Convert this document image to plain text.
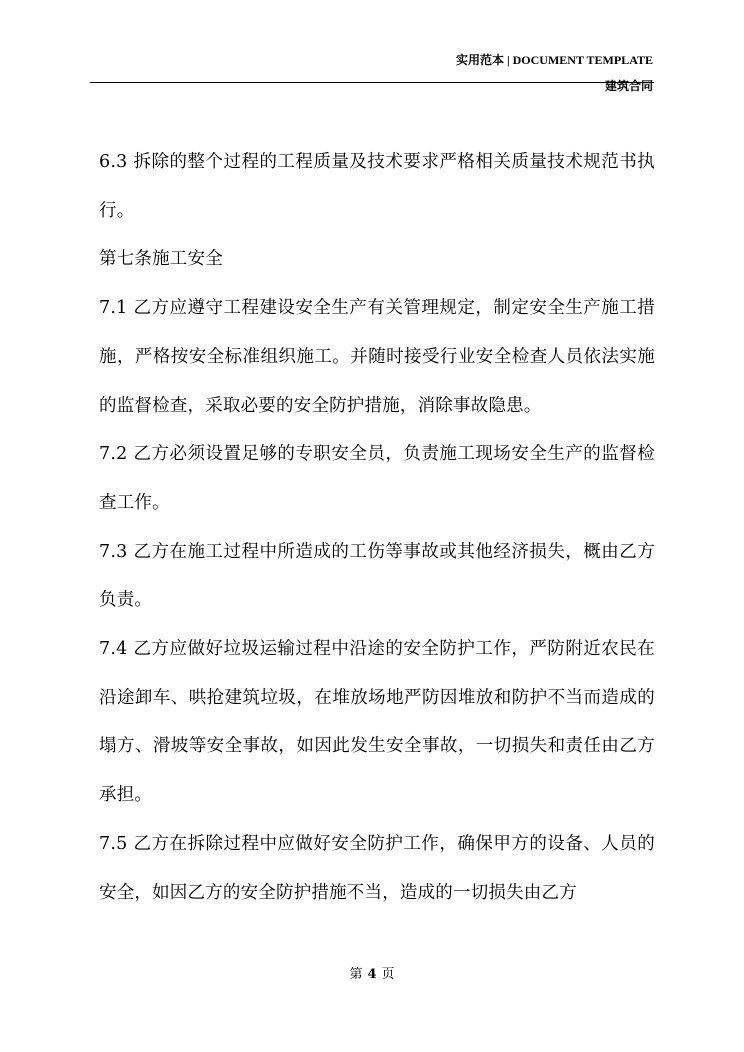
实用范本 | DOCUMENT TEMPLATE
建筑合同

6.3 拆除的整个过程的工程质量及技术要求严格相关质量技术规范书执行。

第七条施工安全

7.1 乙方应遵守工程建设安全生产有关管理规定，制定安全生产施工措施，严格按安全标准组织施工。并随时接受行业安全检查人员依法实施的监督检查，采取必要的安全防护措施，消除事故隐患。

7.2 乙方必须设置足够的专职安全员，负责施工现场安全生产的监督检查工作。

7.3 乙方在施工过程中所造成的工伤等事故或其他经济损失，概由乙方负责。

7.4 乙方应做好垃圾运输过程中沿途的安全防护工作，严防附近农民在沿途卸车、哄抢建筑垃圾，在堆放场地严防因堆放和防护不当而造成的塌方、滑坡等安全事故，如因此发生安全事故，一切损失和责任由乙方承担。

7.5 乙方在拆除过程中应做好安全防护工作，确保甲方的设备、人员的安全，如因乙方的安全防护措施不当，造成的一切损失由乙方

第 4 页
